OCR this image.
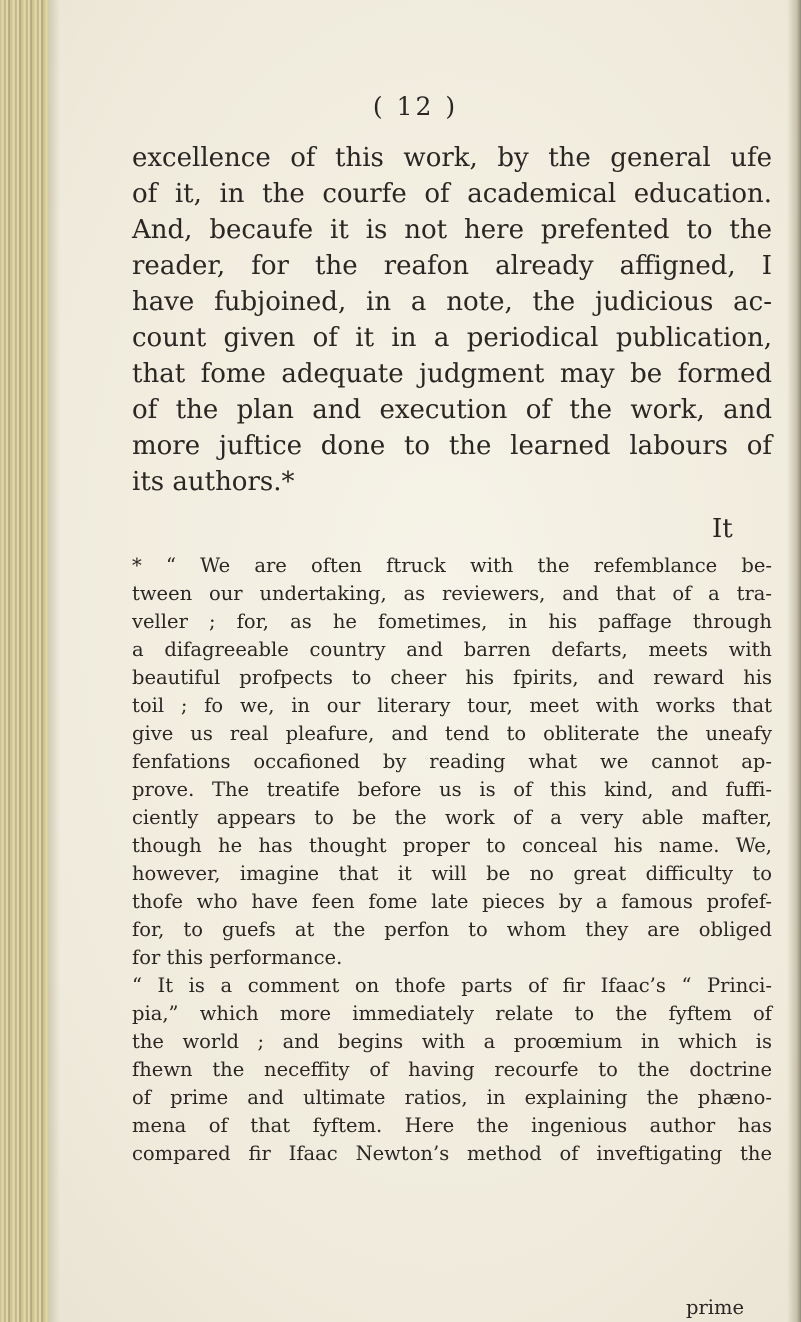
( 12 )
excellence of this work, by the general ufe
of it, in the courfe of academical education.
And, becaufe it is not here prefented to the
reader, for the reafon already affigned, I
have fubjoined, in a note, the judicious ac-
count given of it in a periodical publication,
that fome adequate judgment may be formed
of the plan and execution of the work, and
more juftice done to the learned labours of
its authors.*
It
* “ We are often ftruck with the refemblance be-
tween our undertaking, as reviewers, and that of a tra-
veller ; for, as he fometimes, in his paffage through
a difagreeable country and barren defarts, meets with
beautiful profpects to cheer his fpirits, and reward his
toil ; fo we, in our literary tour, meet with works that
give us real pleafure, and tend to obliterate the uneafy
fenfations occafioned by reading what we cannot ap-
prove. The treatife before us is of this kind, and fuffi-
ciently appears to be the work of a very able mafter,
though he has thought proper to conceal his name. We,
however, imagine that it will be no great difficulty to
thofe who have feen fome late pieces by a famous profef-
for, to guefs at the perfon to whom they are obliged
for this performance.
“ It is a comment on thofe parts of fir Ifaac’s “ Princi-
pia,” which more immediately relate to the fyftem of
the world ; and begins with a proœmium in which is
fhewn the neceffity of having recourfe to the doctrine
of prime and ultimate ratios, in explaining the phæno-
mena of that fyftem. Here the ingenious author has
compared fir Ifaac Newton’s method of inveftigating the
prime
